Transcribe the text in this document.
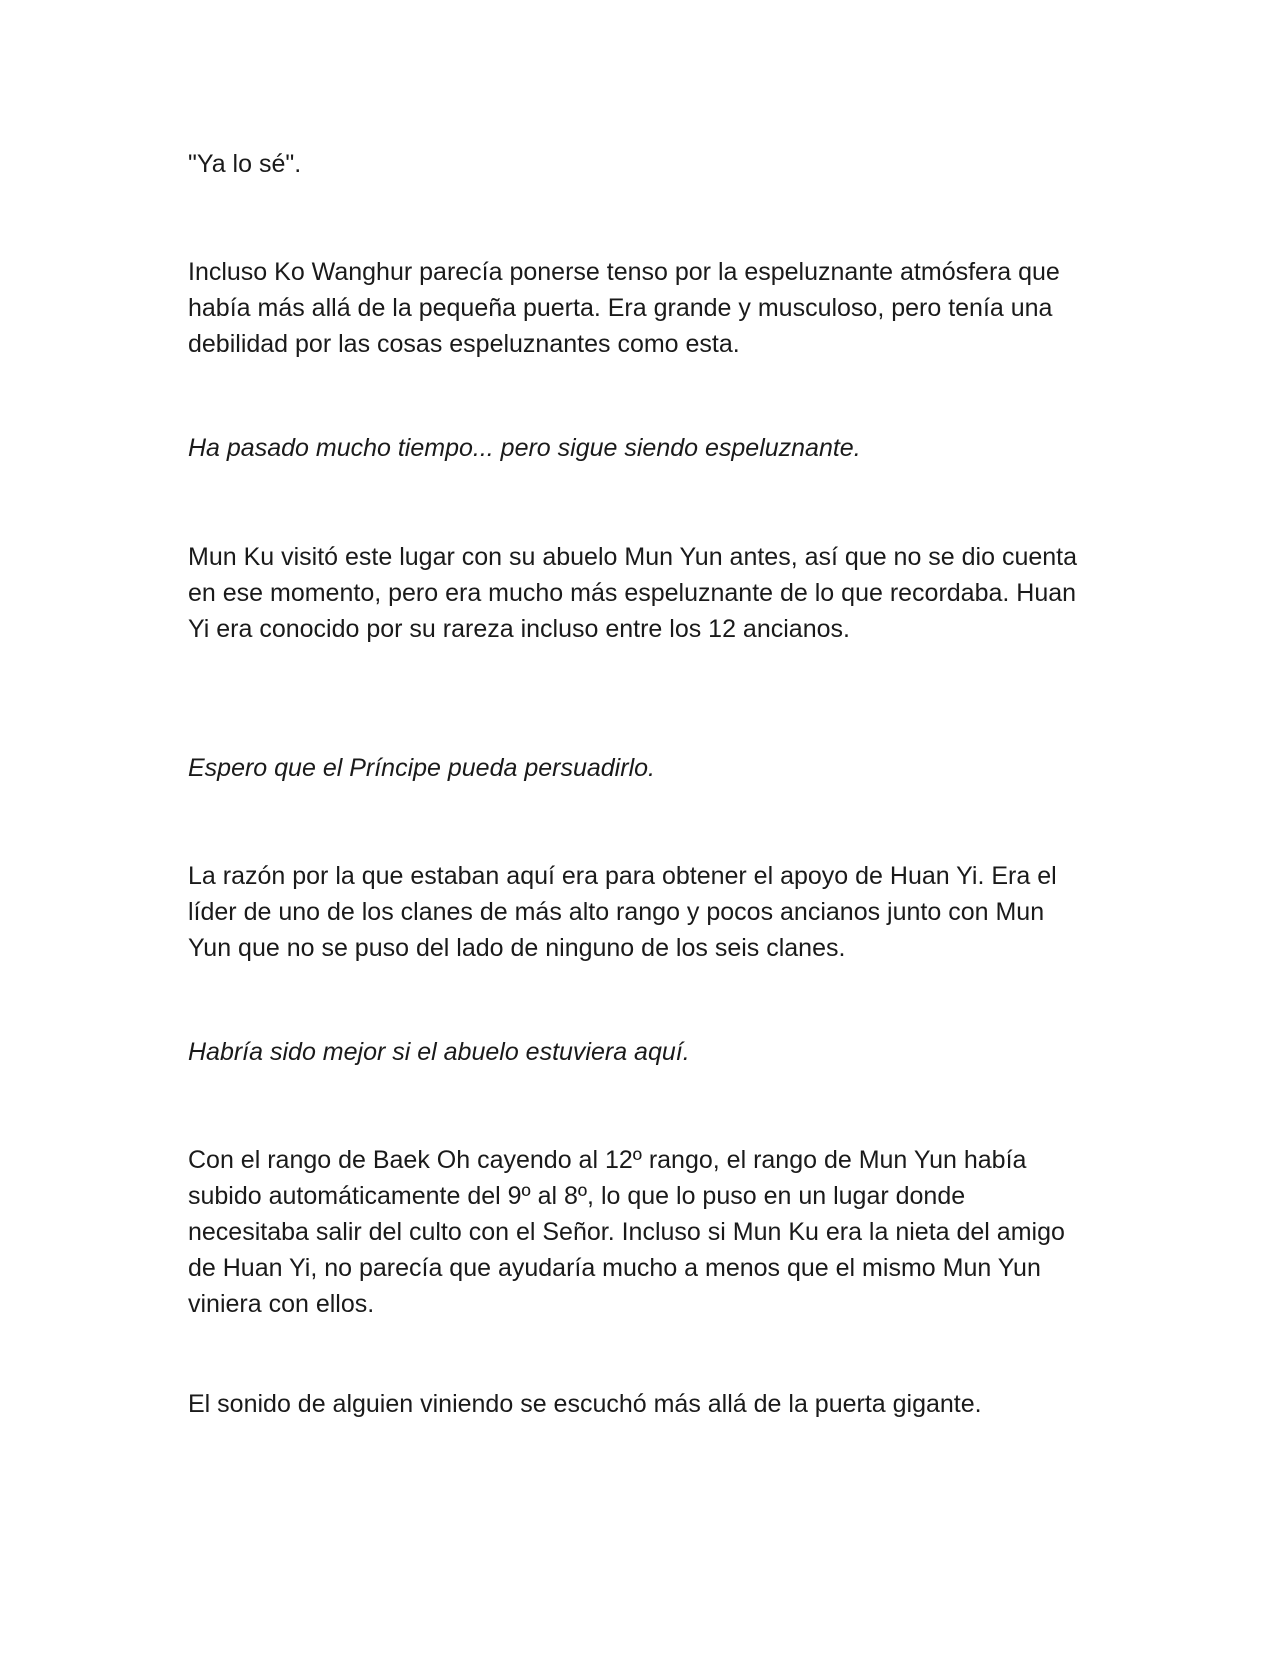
"Ya lo sé".

Incluso Ko Wanghur parecía ponerse tenso por la espeluznante atmósfera que había más allá de la pequeña puerta. Era grande y musculoso, pero tenía una debilidad por las cosas espeluznantes como esta.

Ha pasado mucho tiempo... pero sigue siendo espeluznante.

Mun Ku visitó este lugar con su abuelo Mun Yun antes, así que no se dio cuenta en ese momento, pero era mucho más espeluznante de lo que recordaba. Huan Yi era conocido por su rareza incluso entre los 12 ancianos.

Espero que el Príncipe pueda persuadirlo.

La razón por la que estaban aquí era para obtener el apoyo de Huan Yi. Era el líder de uno de los clanes de más alto rango y pocos ancianos junto con Mun Yun que no se puso del lado de ninguno de los seis clanes.

Habría sido mejor si el abuelo estuviera aquí.

Con el rango de Baek Oh cayendo al 12º rango, el rango de Mun Yun había subido automáticamente del 9º al 8º, lo que lo puso en un lugar donde necesitaba salir del culto con el Señor. Incluso si Mun Ku era la nieta del amigo de Huan Yi, no parecía que ayudaría mucho a menos que el mismo Mun Yun viniera con ellos.

El sonido de alguien viniendo se escuchó más allá de la puerta gigante.
